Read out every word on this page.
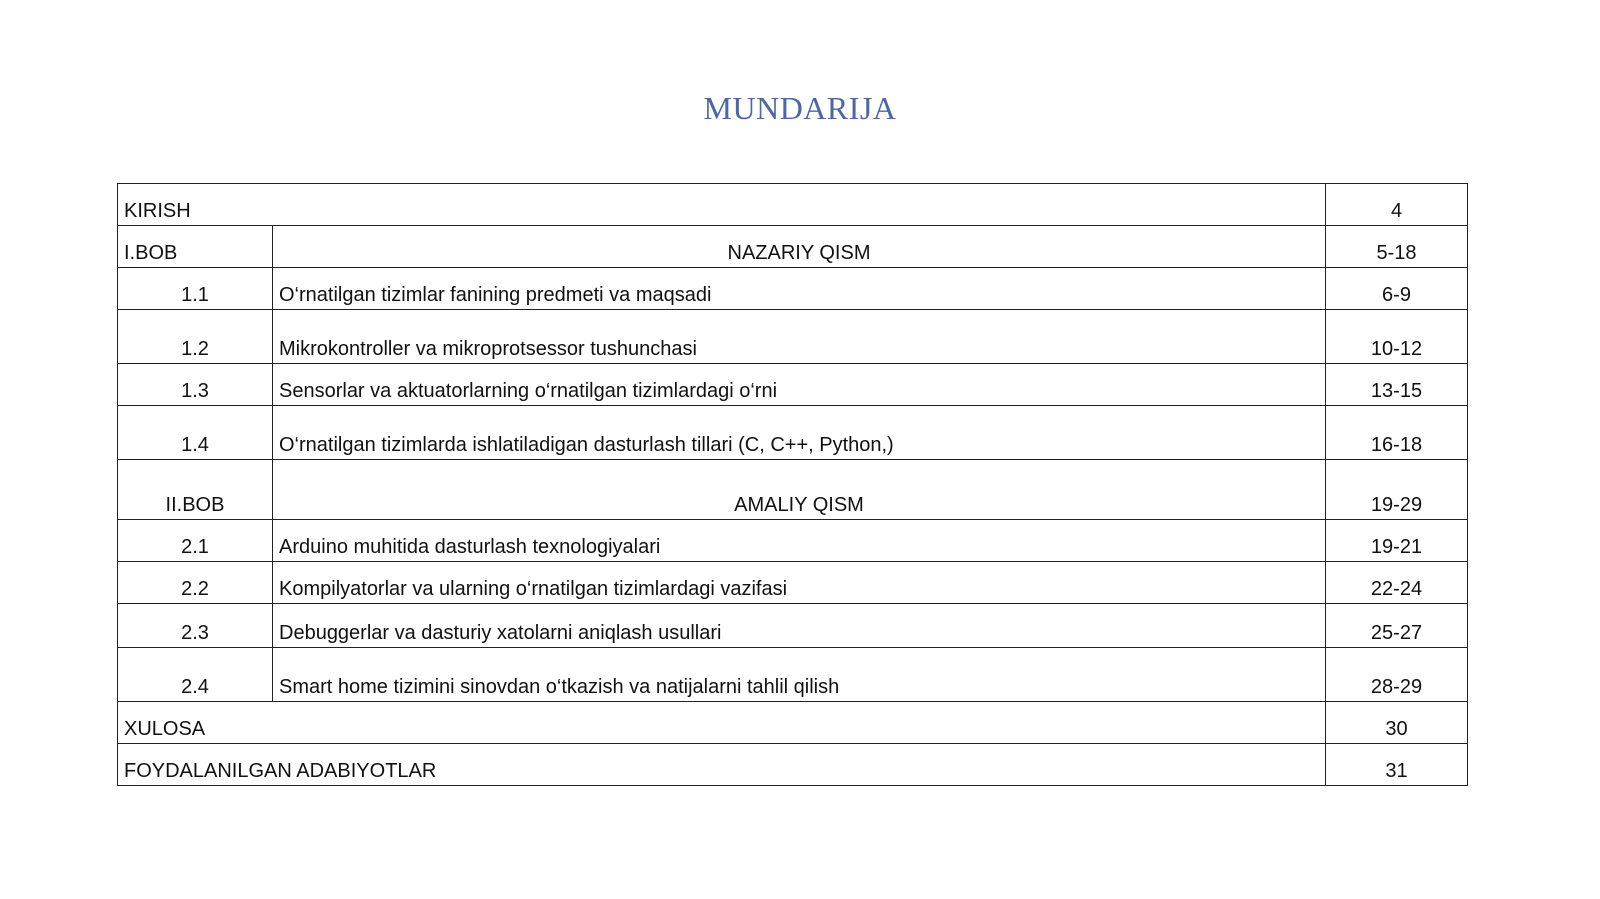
MUNDARIJA
KIRISH		4
I.BOB	NAZARIY QISM	5-18
1.1	O‘rnatilgan tizimlar fanining predmeti va maqsadi	6-9
1.2	Mikrokontroller va mikroprotsessor tushunchasi	10-12
1.3	Sensorlar va aktuatorlarning o‘rnatilgan tizimlardagi o‘rni	13-15
1.4	O‘rnatilgan tizimlarda ishlatiladigan dasturlash tillari (C, C++, Python,)	16-18
II.BOB	AMALIY QISM	19-29
2.1	Arduino muhitida dasturlash texnologiyalari	19-21
2.2	Kompilyatorlar va ularning o‘rnatilgan tizimlardagi vazifasi	22-24
2.3	Debuggerlar va dasturiy xatolarni aniqlash usullari	25-27
2.4	Smart home tizimini sinovdan o‘tkazish va natijalarni tahlil qilish	28-29
XULOSA		30
FOYDALANILGAN ADABIYOTLAR		31
